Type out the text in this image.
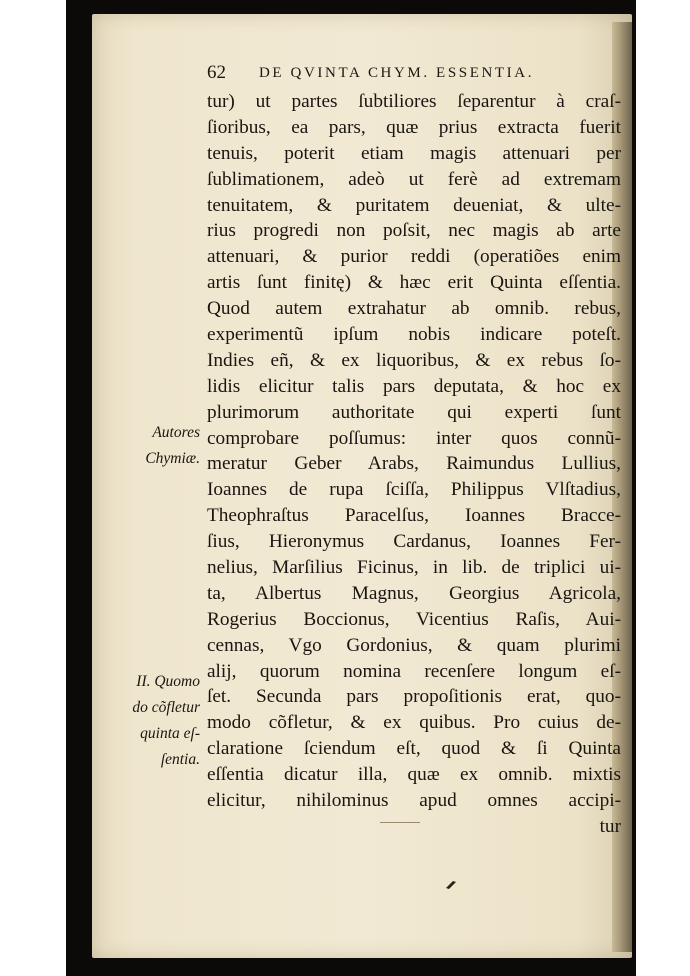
62 DE QVINTA CHYM. ESSENTIA.
tur) ut partes ſubtiliores ſeparentur à craſ-
ſioribus, ea pars, quæ prius extracta fuerit
tenuis, poterit etiam magis attenuari per
ſublimationem, adeò ut ferè ad extremam
tenuitatem, & puritatem deueniat, & ulte-
rius progredi non poſsit, nec magis ab arte
attenuari, & purior reddi (operatiões enim
artis ſunt finitę) & hæc erit Quinta eſſentia.
Quod autem extrahatur ab omnib. rebus,
experimentũ ipſum nobis indicare poteſt.
Indies eñ, & ex liquoribus, & ex rebus ſo-
lidis elicitur talis pars deputata, & hoc ex
plurimorum authoritate qui experti ſunt
comprobare poſſumus: inter quos connũ-
meratur Geber Arabs, Raimundus Lullius,
Ioannes de rupa ſciſſa, Philippus Vlſtadius,
Theophraſtus Paracelſus, Ioannes Bracce-
ſius, Hieronymus Cardanus, Ioannes Fer-
nelius, Marſilius Ficinus, in lib. de triplici ui-
ta, Albertus Magnus, Georgius Agricola,
Rogerius Boccionus, Vicentius Raſis, Aui-
cennas, Vgo Gordonius, & quam plurimi
alij, quorum nomina recenſere longum eſ-
ſet. Secunda pars propoſitionis erat, quo-
modo cõfletur, & ex quibus. Pro cuius de-
claratione ſciendum eſt, quod & ſi Quinta
eſſentia dicatur illa, quæ ex omnib. mixtis
elicitur, nihilominus apud omnes accipi-
tur
Autores
Chymiæ.
II. Quomo
do cõfletur
quinta eſ-
ſentia.
